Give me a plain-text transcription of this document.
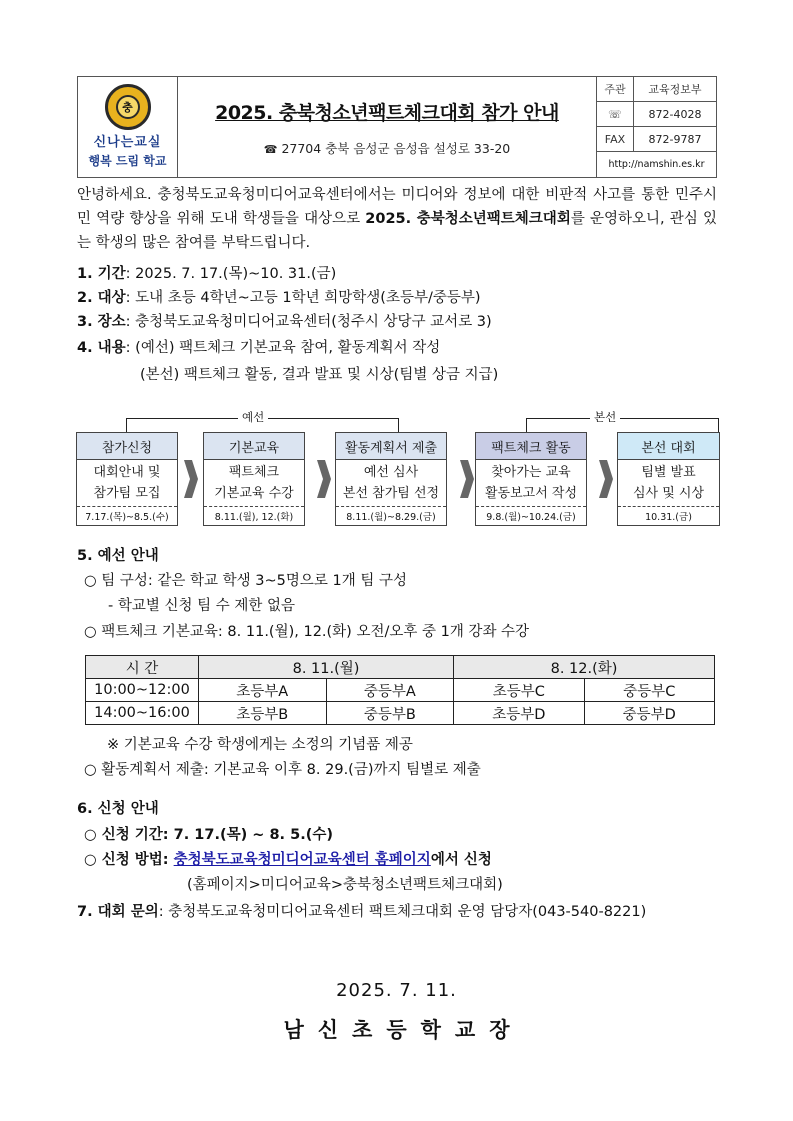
충
신나는교실
행복 드림 학교
2025. 충북청소년팩트체크대회 참가 안내
☎ 27704 충북 음성군 음성읍 설성로 33-20
주관	교육정보부
☏	872-4028
FAX	872-9787
http://namshin.es.kr
안녕하세요. 충청북도교육청미디어교육센터에서는 미디어와 정보에 대한 비판적 사고를 통한 민주시민 역량 향상을 위해 도내 학생들을 대상으로 2025. 충북청소년팩트체크대회를 운영하오니, 관심 있는 학생의 많은 참여를 부탁드립니다.
1. 기간: 2025. 7. 17.(목)~10. 31.(금)
2. 대상: 도내 초등 4학년~고등 1학년 희망학생(초등부/중등부)
3. 장소: 충청북도교육청미디어교육센터(청주시 상당구 교서로 3)
4. 내용: (예선) 팩트체크 기본교육 참여, 활동계획서 작성
(본선) 팩트체크 활동, 결과 발표 및 시상(팀별 상금 지급)
예선	본선
참가신청
대회안내 및
참가팀 모집
7.17.(목)~8.5.(수)
기본교육
팩트체크
기본교육 수강
8.11.(월), 12.(화)
활동계획서 제출
예선 심사
본선 참가팀 선정
8.11.(월)~8.29.(금)
팩트체크 활동
찾아가는 교육
활동보고서 작성
9.8.(월)~10.24.(금)
본선 대회
팀별 발표
심사 및 시상
10.31.(금)
5. 예선 안내
○ 팀 구성: 같은 학교 학생 3~5명으로 1개 팀 구성
- 학교별 신청 팀 수 제한 없음
○ 팩트체크 기본교육: 8. 11.(월), 12.(화) 오전/오후 중 1개 강좌 수강
시 간	8. 11.(월)		8. 12.(화)	
10:00~12:00	초등부A	중등부A	초등부C	중등부C
14:00~16:00	초등부B	중등부B	초등부D	중등부D
※ 기본교육 수강 학생에게는 소정의 기념품 제공
○ 활동계획서 제출: 기본교육 이후 8. 29.(금)까지 팀별로 제출
6. 신청 안내
○ 신청 기간: 7. 17.(목) ~ 8. 5.(수)
○ 신청 방법: 충청북도교육청미디어교육센터 홈페이지에서 신청
(홈페이지>미디어교육>충북청소년팩트체크대회)
7. 대회 문의: 충청북도교육청미디어교육센터 팩트체크대회 운영 담당자(043-540-8221)
2025. 7. 11.
남신초등학교장
